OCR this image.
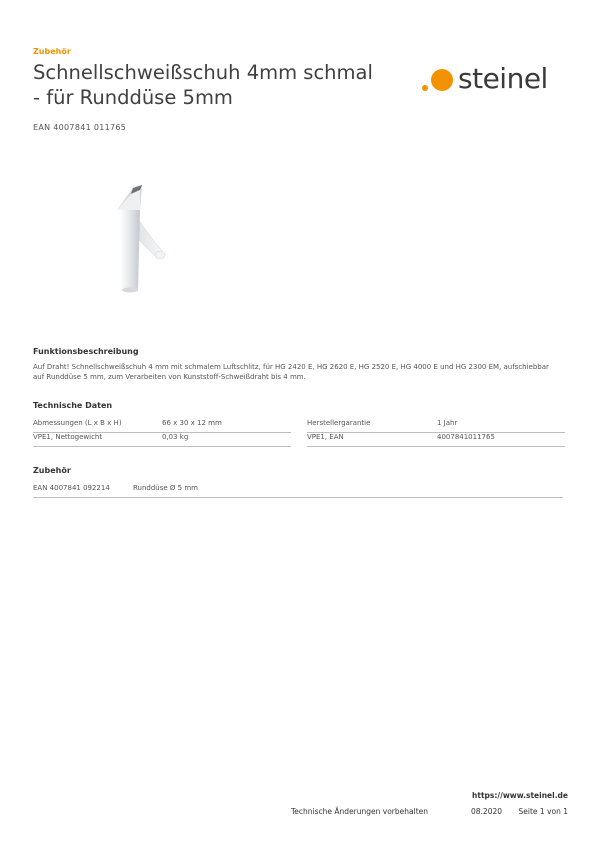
Zubehör
Schnellschweißschuh 4mm schmal
- für Runddüse 5mm
steinel
EAN 4007841 011765
Funktionsbeschreibung
Auf Draht! Schnellschweißschuh 4 mm mit schmalem Luftschlitz, für HG 2420 E, HG 2620 E, HG 2520 E, HG 4000 E und HG 2300 EM, aufschiebbar auf Runddüse 5 mm, zum Verarbeiten von Kunststoff-Schweißdraht bis 4 mm.
Technische Daten
Abmessungen (L x B x H)	66 x 30 x 12 mm
VPE1, Nettogewicht	0,03 kg
Herstellergarantie	1 Jahr
VPE1, EAN	4007841011765
Zubehör
EAN 4007841 092214	Runddüse Ø 5 mm
https://www.steinel.de
Technische Änderungen vorbehalten	08.2020 Seite 1 von 1
